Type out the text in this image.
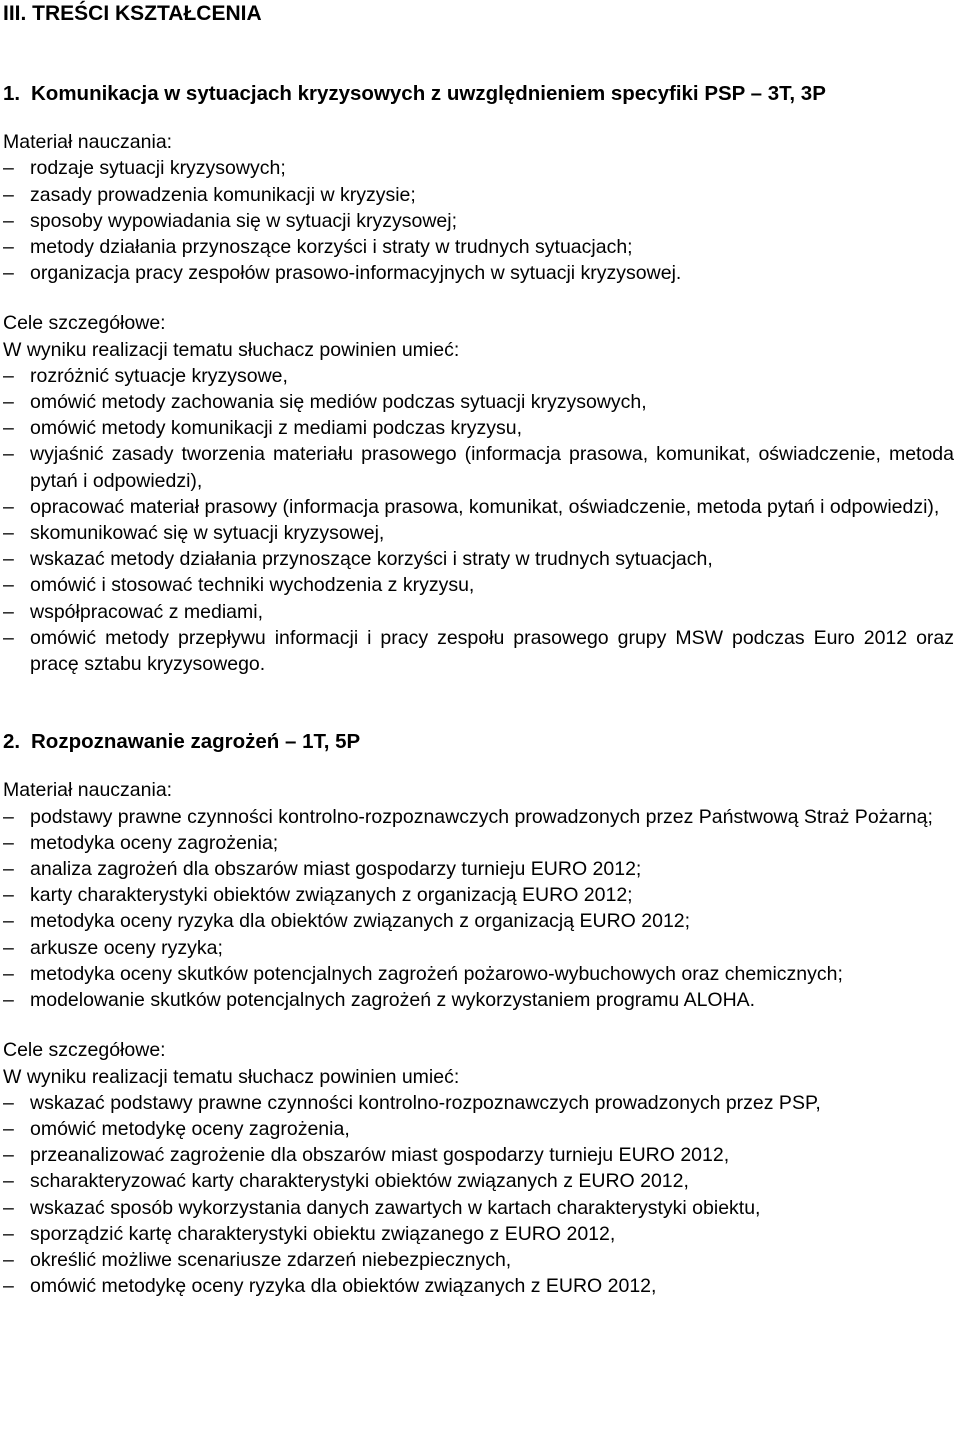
III. TREŚCI KSZTAŁCENIA
1. Komunikacja w sytuacjach kryzysowych z uwzględnieniem specyfiki PSP – 3T, 3P
Materiał nauczania:
– rodzaje sytuacji kryzysowych;
– zasady prowadzenia komunikacji w kryzysie;
– sposoby wypowiadania się w sytuacji kryzysowej;
– metody działania przynoszące korzyści i straty w trudnych sytuacjach;
– organizacja pracy zespołów prasowo-informacyjnych w sytuacji kryzysowej.
Cele szczegółowe:
W wyniku realizacji tematu słuchacz powinien umieć:
– rozróżnić sytuacje kryzysowe,
– omówić metody zachowania się mediów podczas sytuacji kryzysowych,
– omówić metody komunikacji z mediami podczas kryzysu,
– wyjaśnić zasady tworzenia materiału prasowego (informacja prasowa, komunikat, oświadczenie, metoda pytań i odpowiedzi),
– opracować materiał prasowy (informacja prasowa, komunikat, oświadczenie, metoda pytań i odpowiedzi),
– skomunikować się w sytuacji kryzysowej,
– wskazać metody działania przynoszące korzyści i straty w trudnych sytuacjach,
– omówić i stosować techniki wychodzenia z kryzysu,
– współpracować z mediami,
– omówić metody przepływu informacji i pracy zespołu prasowego grupy MSW podczas Euro 2012 oraz pracę sztabu kryzysowego.
2. Rozpoznawanie zagrożeń – 1T, 5P
Materiał nauczania:
– podstawy prawne czynności kontrolno-rozpoznawczych prowadzonych przez Państwową Straż Pożarną;
– metodyka oceny zagrożenia;
– analiza zagrożeń dla obszarów miast gospodarzy turnieju EURO 2012;
– karty charakterystyki obiektów związanych z organizacją EURO 2012;
– metodyka oceny ryzyka dla obiektów związanych z organizacją EURO 2012;
– arkusze oceny ryzyka;
– metodyka oceny skutków potencjalnych zagrożeń pożarowo-wybuchowych oraz chemicznych;
– modelowanie skutków potencjalnych zagrożeń z wykorzystaniem programu ALOHA.
Cele szczegółowe:
W wyniku realizacji tematu słuchacz powinien umieć:
– wskazać podstawy prawne czynności kontrolno-rozpoznawczych prowadzonych przez PSP,
– omówić metodykę oceny zagrożenia,
– przeanalizować zagrożenie dla obszarów miast gospodarzy turnieju EURO 2012,
– scharakteryzować karty charakterystyki obiektów związanych z EURO 2012,
– wskazać sposób wykorzystania danych zawartych w kartach charakterystyki obiektu,
– sporządzić kartę charakterystyki obiektu związanego z EURO 2012,
– określić możliwe scenariusze zdarzeń niebezpiecznych,
– omówić metodykę oceny ryzyka dla obiektów związanych z EURO 2012,
